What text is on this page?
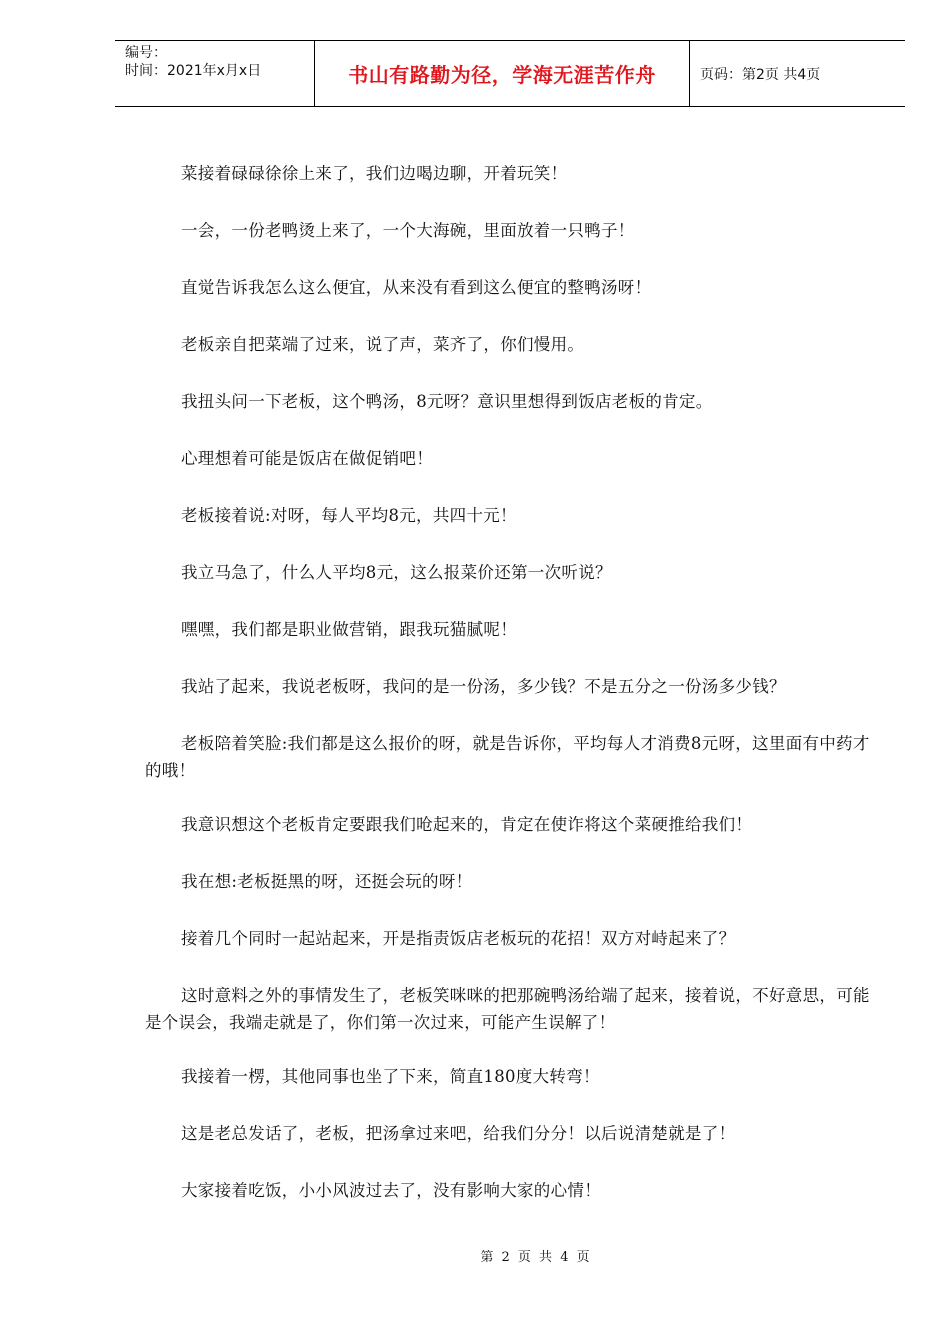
编号：
时间：2021年x月x日	书山有路勤为径，学海无涯苦作舟	页码：第2页 共4页

菜接着碌碌徐徐上来了，我们边喝边聊，开着玩笑！

一会，一份老鸭烫上来了，一个大海碗，里面放着一只鸭子！

直觉告诉我怎么这么便宜，从来没有看到这么便宜的整鸭汤呀！

老板亲自把菜端了过来，说了声，菜齐了，你们慢用。

我扭头问一下老板，这个鸭汤，8元呀？意识里想得到饭店老板的肯定。

心理想着可能是饭店在做促销吧！

老板接着说:对呀，每人平均8元，共四十元！

我立马急了，什么人平均8元，这么报菜价还第一次听说？

嘿嘿，我们都是职业做营销，跟我玩猫腻呢！

我站了起来，我说老板呀，我问的是一份汤，多少钱？不是五分之一份汤多少钱？

老板陪着笑脸:我们都是这么报价的呀，就是告诉你，平均每人才消费8元呀，这里面有中药才的哦！

我意识想这个老板肯定要跟我们呛起来的，肯定在使诈将这个菜硬推给我们！

我在想:老板挺黑的呀，还挺会玩的呀！

接着几个同时一起站起来，开是指责饭店老板玩的花招！双方对峙起来了？

这时意料之外的事情发生了，老板笑咪咪的把那碗鸭汤给端了起来，接着说，不好意思，可能是个误会，我端走就是了，你们第一次过来，可能产生误解了！

我接着一楞，其他同事也坐了下来，简直180度大转弯！

这是老总发话了，老板，把汤拿过来吧，给我们分分！以后说清楚就是了！

大家接着吃饭，小小风波过去了，没有影响大家的心情！

第 2 页 共 4 页
